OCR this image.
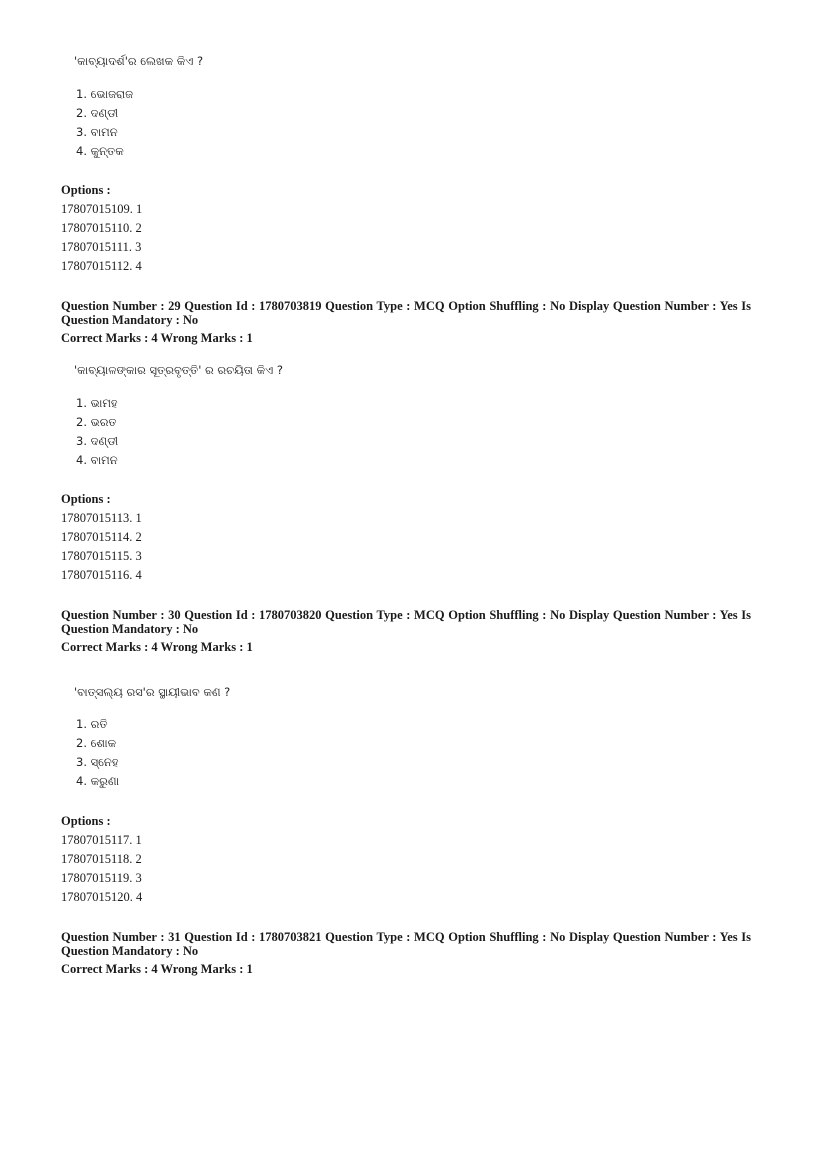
'କାବ୍ୟାଦର୍ଶ'ର ଲେଖକ କିଏ ?
1. ଭୋଜରାଜ
2. ଦଣ୍ଡୀ
3. ବାମନ
4. କୁନ୍ତକ
Options :
17807015109. 1
17807015110. 2
17807015111. 3
17807015112. 4
Question Number : 29 Question Id : 1780703819 Question Type : MCQ Option Shuffling : No Display Question Number : Yes Is Question Mandatory : No
Correct Marks : 4 Wrong Marks : 1
'କାବ୍ୟାଳଙ୍କାର ସୂତ୍ରବୃତ୍ତି' ର ରଚୟିତା କିଏ ?
1. ଭାମହ
2. ଭରତ
3. ଦଣ୍ଡୀ
4. ବାମନ
Options :
17807015113. 1
17807015114. 2
17807015115. 3
17807015116. 4
Question Number : 30 Question Id : 1780703820 Question Type : MCQ Option Shuffling : No Display Question Number : Yes Is Question Mandatory : No
Correct Marks : 4 Wrong Marks : 1
'ବାତ୍ସଲ୍ୟ ରସ'ର ସ୍ଥାୟୀଭାବ କଣ ?
1. ରତି
2. ଶୋକ
3. ସ୍ନେହ
4. କରୁଣା
Options :
17807015117. 1
17807015118. 2
17807015119. 3
17807015120. 4
Question Number : 31 Question Id : 1780703821 Question Type : MCQ Option Shuffling : No Display Question Number : Yes Is Question Mandatory : No
Correct Marks : 4 Wrong Marks : 1
